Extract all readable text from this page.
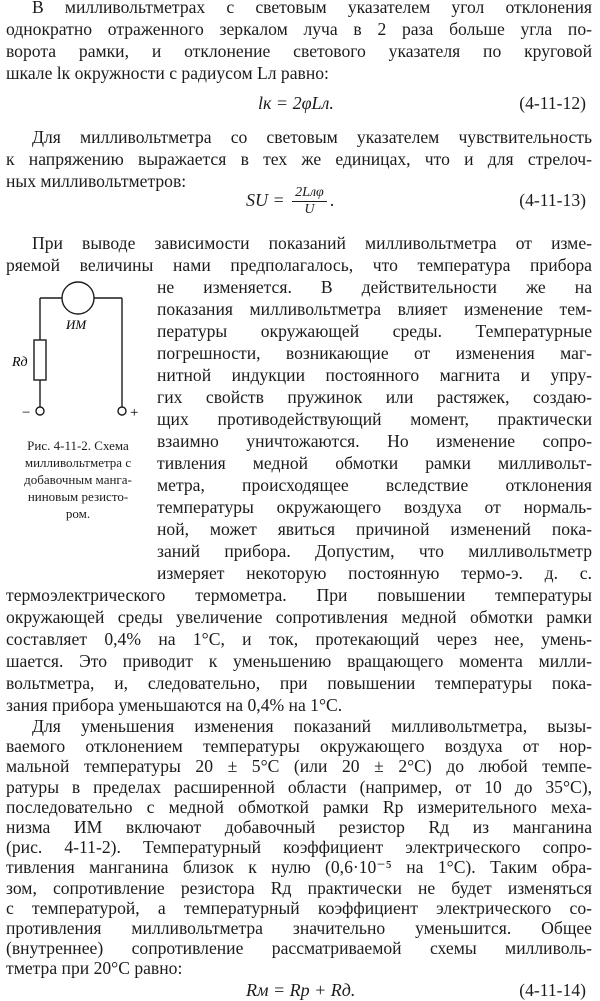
В милливольтметрах с световым указателем угол отклонения
однократно отраженного зеркалом луча в 2 раза больше угла по-
ворота рамки, и отклонение светового указателя по круговой
шкале lк окружности с радиусом Lл равно:
lк = 2φLл.	(4-11-12)
Для милливольтметра со световым указателем чувствительность
к напряжению выражается в тех же единицах, что и для стрелоч-
ных милливольтметров:
SU = $\frac{\text{2Lлφ}}{U}$ .	(4-11-13)
При выводе зависимости показаний милливольтметра от изме-
ряемой величины нами предполагалось, что температура прибора
не изменяется. В действительности же на
показания милливольтметра влияет изменение тем-
пературы окружающей среды. Температурные
погрешности, возникающие от изменения маг-
нитной индукции постоянного магнита и упру-
гих свойств пружинок или растяжек, создаю-
щих противодействующий момент, практически
взаимно уничтожаются. Но изменение сопро-
тивления медной обмотки рамки милливольт-
метра, происходящее вследствие отклонения
температуры окружающего воздуха от нормаль-
ной, может явиться причиной изменений пока-
заний прибора. Допустим, что милливольтметр
измеряет некоторую постоянную термо-э. д. с.
термоэлектрического термометра. При повышении температуры
окружающей среды увеличение сопротивления медной обмотки рамки
составляет 0,4% на 1°С, и ток, протекающий через нее, умень-
шается. Это приводит к уменьшению вращающего момента милли-
вольтметра, и, следовательно, при повышении температуры пока-
зания прибора уменьшаются на 0,4% на 1°С.
Для уменьшения изменения показаний милливольтметра, вызы-
ваемого отклонением температуры окружающего воздуха от нор-
мальной температуры 20 ± 5°С (или 20 ± 2°С) до любой темпе-
ратуры в пределах расширенной области (например, от 10 до 35°С),
последовательно с медной обмоткой рамки Rр измерительного меха-
низма ИМ включают добавочный резистор Rд из манганина
(рис. 4-11-2). Температурный коэффициент электрического сопро-
тивления манганина близок к нулю (0,6·10⁻⁵ на 1°С). Таким обра-
зом, сопротивление резистора Rд практически не будет изменяться
с температурой, а температурный коэффициент электрического со-
противления милливольтметра значительно уменьшится. Общее
ИМ
Rд
−	+
Рис. 4-11-2. Схема
милливольтметра с
добавочным манга-
ниновым резисто-
ром.
(внутреннее) сопротивление рассматриваемой схемы милливоль-
тметра при 20°С равно:
Rм = Rр + Rд.	(4-11-14)
